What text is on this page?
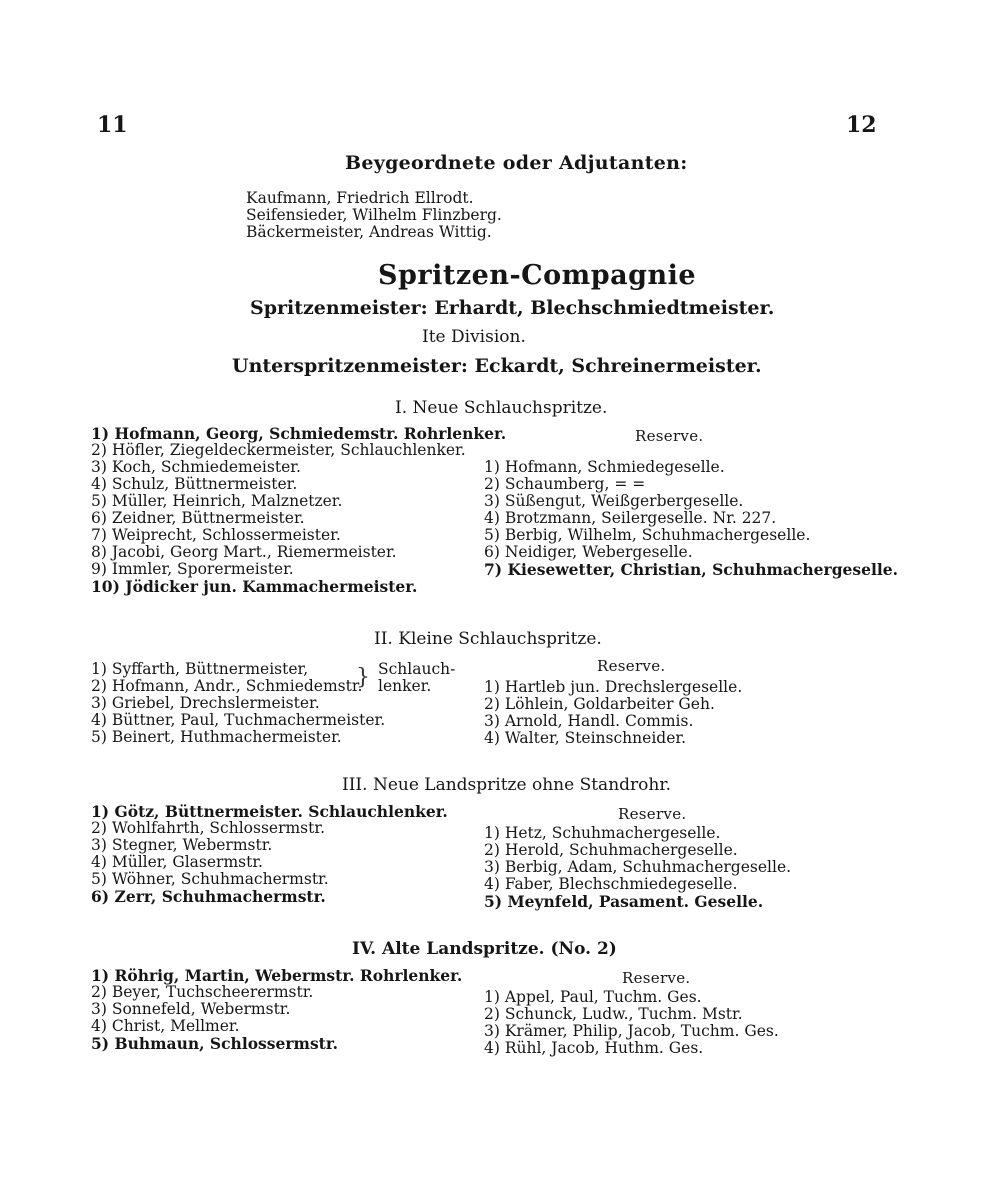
11	12
Beygeordnete oder Adjutanten:
Kaufmann, Friedrich Ellrodt.
Seifensieder, Wilhelm Flinzberg.
Bäckermeister, Andreas Wittig.
Spritzen-Compagnie
Spritzenmeister: Erhardt, Blechschmiedtmeister.
Ite Division.
Unterspritzenmeister: Eckardt, Schreinermeister.
I. Neue Schlauchspritze.
1) Hofmann, Georg, Schmiedemstr. Rohrlenker.
2) Höfler, Ziegeldeckermeister, Schlauchlenker.
3) Koch, Schmiedemeister.
4) Schulz, Büttnermeister.
5) Müller, Heinrich, Malznetzer.
6) Zeidner, Büttnermeister.
7) Weiprecht, Schlossermeister.
8) Jacobi, Georg Mart., Riemermeister.
9) Immler, Sporermeister.
10) Jödicker jun. Kammachermeister.
Reserve.
1) Hofmann, Schmiedegeselle.
2) Schaumberg, = =
3) Süßengut, Weißgerbergeselle.
4) Brotzmann, Seilergeselle. Nr. 227.
5) Berbig, Wilhelm, Schuhmachergeselle.
6) Neidiger, Webergeselle.
7) Kiesewetter, Christian, Schuhmachergeselle.
II. Kleine Schlauchspritze.
1) Syffarth, Büttnermeister,
2) Hofmann, Andr., Schmiedemstr.
3) Griebel, Drechslermeister.
4) Büttner, Paul, Tuchmachermeister.
5) Beinert, Huthmachermeister.
} Schlauch-
lenker.
Reserve.
1) Hartleb jun. Drechslergeselle.
2) Löhlein, Goldarbeiter Geh.
3) Arnold, Handl. Commis.
4) Walter, Steinschneider.
III. Neue Landspritze ohne Standrohr.
1) Götz, Büttnermeister. Schlauchlenker.
2) Wohlfahrth, Schlossermstr.
3) Stegner, Webermstr.
4) Müller, Glasermstr.
5) Wöhner, Schuhmachermstr.
6) Zerr, Schuhmachermstr.
Reserve.
1) Hetz, Schuhmachergeselle.
2) Herold, Schuhmachergeselle.
3) Berbig, Adam, Schuhmachergeselle.
4) Faber, Blechschmiedegeselle.
5) Meynfeld, Pasament. Geselle.
IV. Alte Landspritze. (No. 2)
1) Röhrig, Martin, Webermstr. Rohrlenker.
2) Beyer, Tuchscheerermstr.
3) Sonnefeld, Webermstr.
4) Christ, Mellmer.
5) Buhmaun, Schlossermstr.
Reserve.
1) Appel, Paul, Tuchm. Ges.
2) Schunck, Ludw., Tuchm. Mstr.
3) Krämer, Philip, Jacob, Tuchm. Ges.
4) Rühl, Jacob, Huthm. Ges.
